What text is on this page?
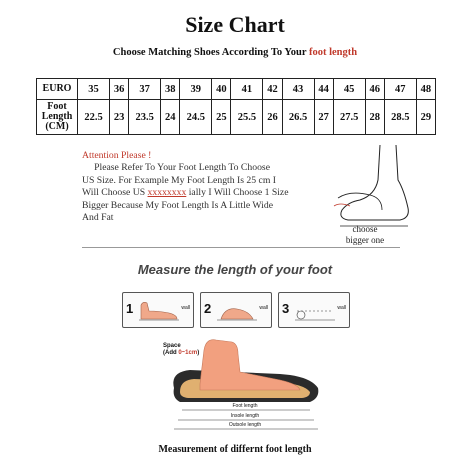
Size Chart
Choose Matching Shoes According To Your foot length
EURO	35	36	37	38	39	40	41	42	43	44	45	46	47	48
Foot
Length
(CM)	22.5	23	23.5	24	24.5	25	25.5	26	26.5	27	27.5	28	28.5	29
Attention Please !
Please Refer To Your Foot Length To Choose
US Size. For Example My Foot Length Is 25 cm I
Will Choose US xxxxxxxx ially I Will Choose 1 Size
Bigger Because My Foot Length Is A Little Wide
And Fat
choose
bigger one
Measure the length of your foot
1	wall 2	wall 3	wall
Space
(Add 0~1cm)
Foot length
Insole length
Outsole length
Measurement of differnt foot length
